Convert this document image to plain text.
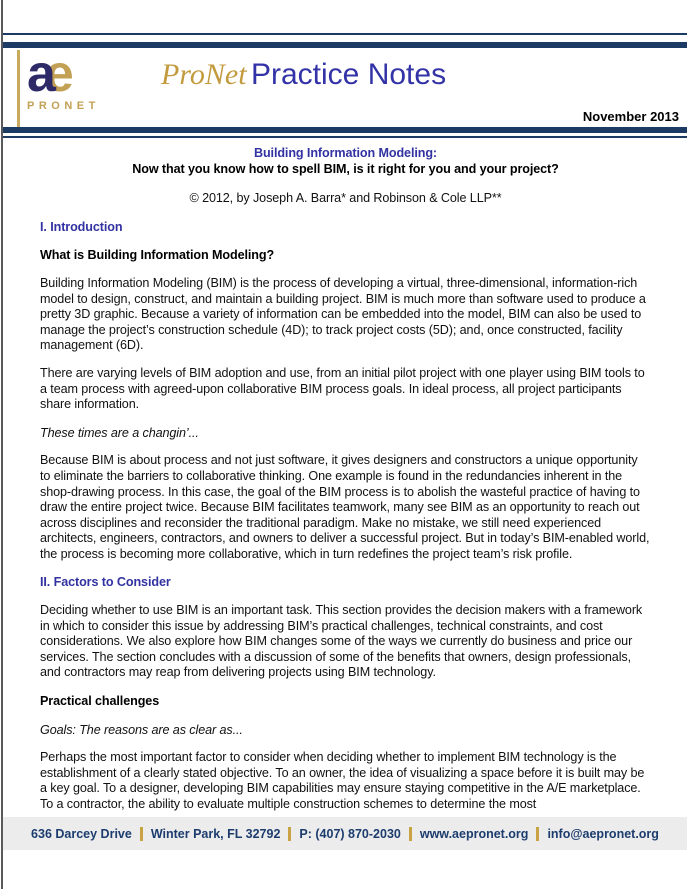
ae
PRONET
ProNet Practice Notes
November 2013
Building Information Modeling:
Now that you know how to spell BIM, is it right for you and your project?
© 2012, by Joseph A. Barra* and Robinson & Cole LLP**
I. Introduction
What is Building Information Modeling?
Building Information Modeling (BIM) is the process of developing a virtual, three-dimensional, information-rich model to design, construct, and maintain a building project. BIM is much more than software used to produce a pretty 3D graphic. Because a variety of information can be embedded into the model, BIM can also be used to manage the project’s construction schedule (4D); to track project costs (5D); and, once constructed, facility management (6D).
There are varying levels of BIM adoption and use, from an initial pilot project with one player using BIM tools to a team process with agreed-upon collaborative BIM process goals. In ideal process, all project participants share information.
These times are a changin’...
Because BIM is about process and not just software, it gives designers and constructors a unique opportunity to eliminate the barriers to collaborative thinking. One example is found in the redundancies inherent in the shop-drawing process. In this case, the goal of the BIM process is to abolish the wasteful practice of having to draw the entire project twice. Because BIM facilitates teamwork, many see BIM as an opportunity to reach out across disciplines and reconsider the traditional paradigm. Make no mistake, we still need experienced architects, engineers, contractors, and owners to deliver a successful project. But in today’s BIM-enabled world, the process is becoming more collaborative, which in turn redefines the project team’s risk profile.
II. Factors to Consider
Deciding whether to use BIM is an important task. This section provides the decision makers with a framework in which to consider this issue by addressing BIM’s practical challenges, technical constraints, and cost considerations. We also explore how BIM changes some of the ways we currently do business and price our services. The section concludes with a discussion of some of the benefits that owners, design professionals, and contractors may reap from delivering projects using BIM technology.
Practical challenges
Goals: The reasons are as clear as...
Perhaps the most important factor to consider when deciding whether to implement BIM technology is the establishment of a clearly stated objective. To an owner, the idea of visualizing a space before it is built may be a key goal. To a designer, developing BIM capabilities may ensure staying competitive in the A/E marketplace. To a contractor, the ability to evaluate multiple construction schemes to determine the most
636 Darcey Drive Winter Park, FL 32792 P: (407) 870-2030 www.aepronet.org info@aepronet.org
